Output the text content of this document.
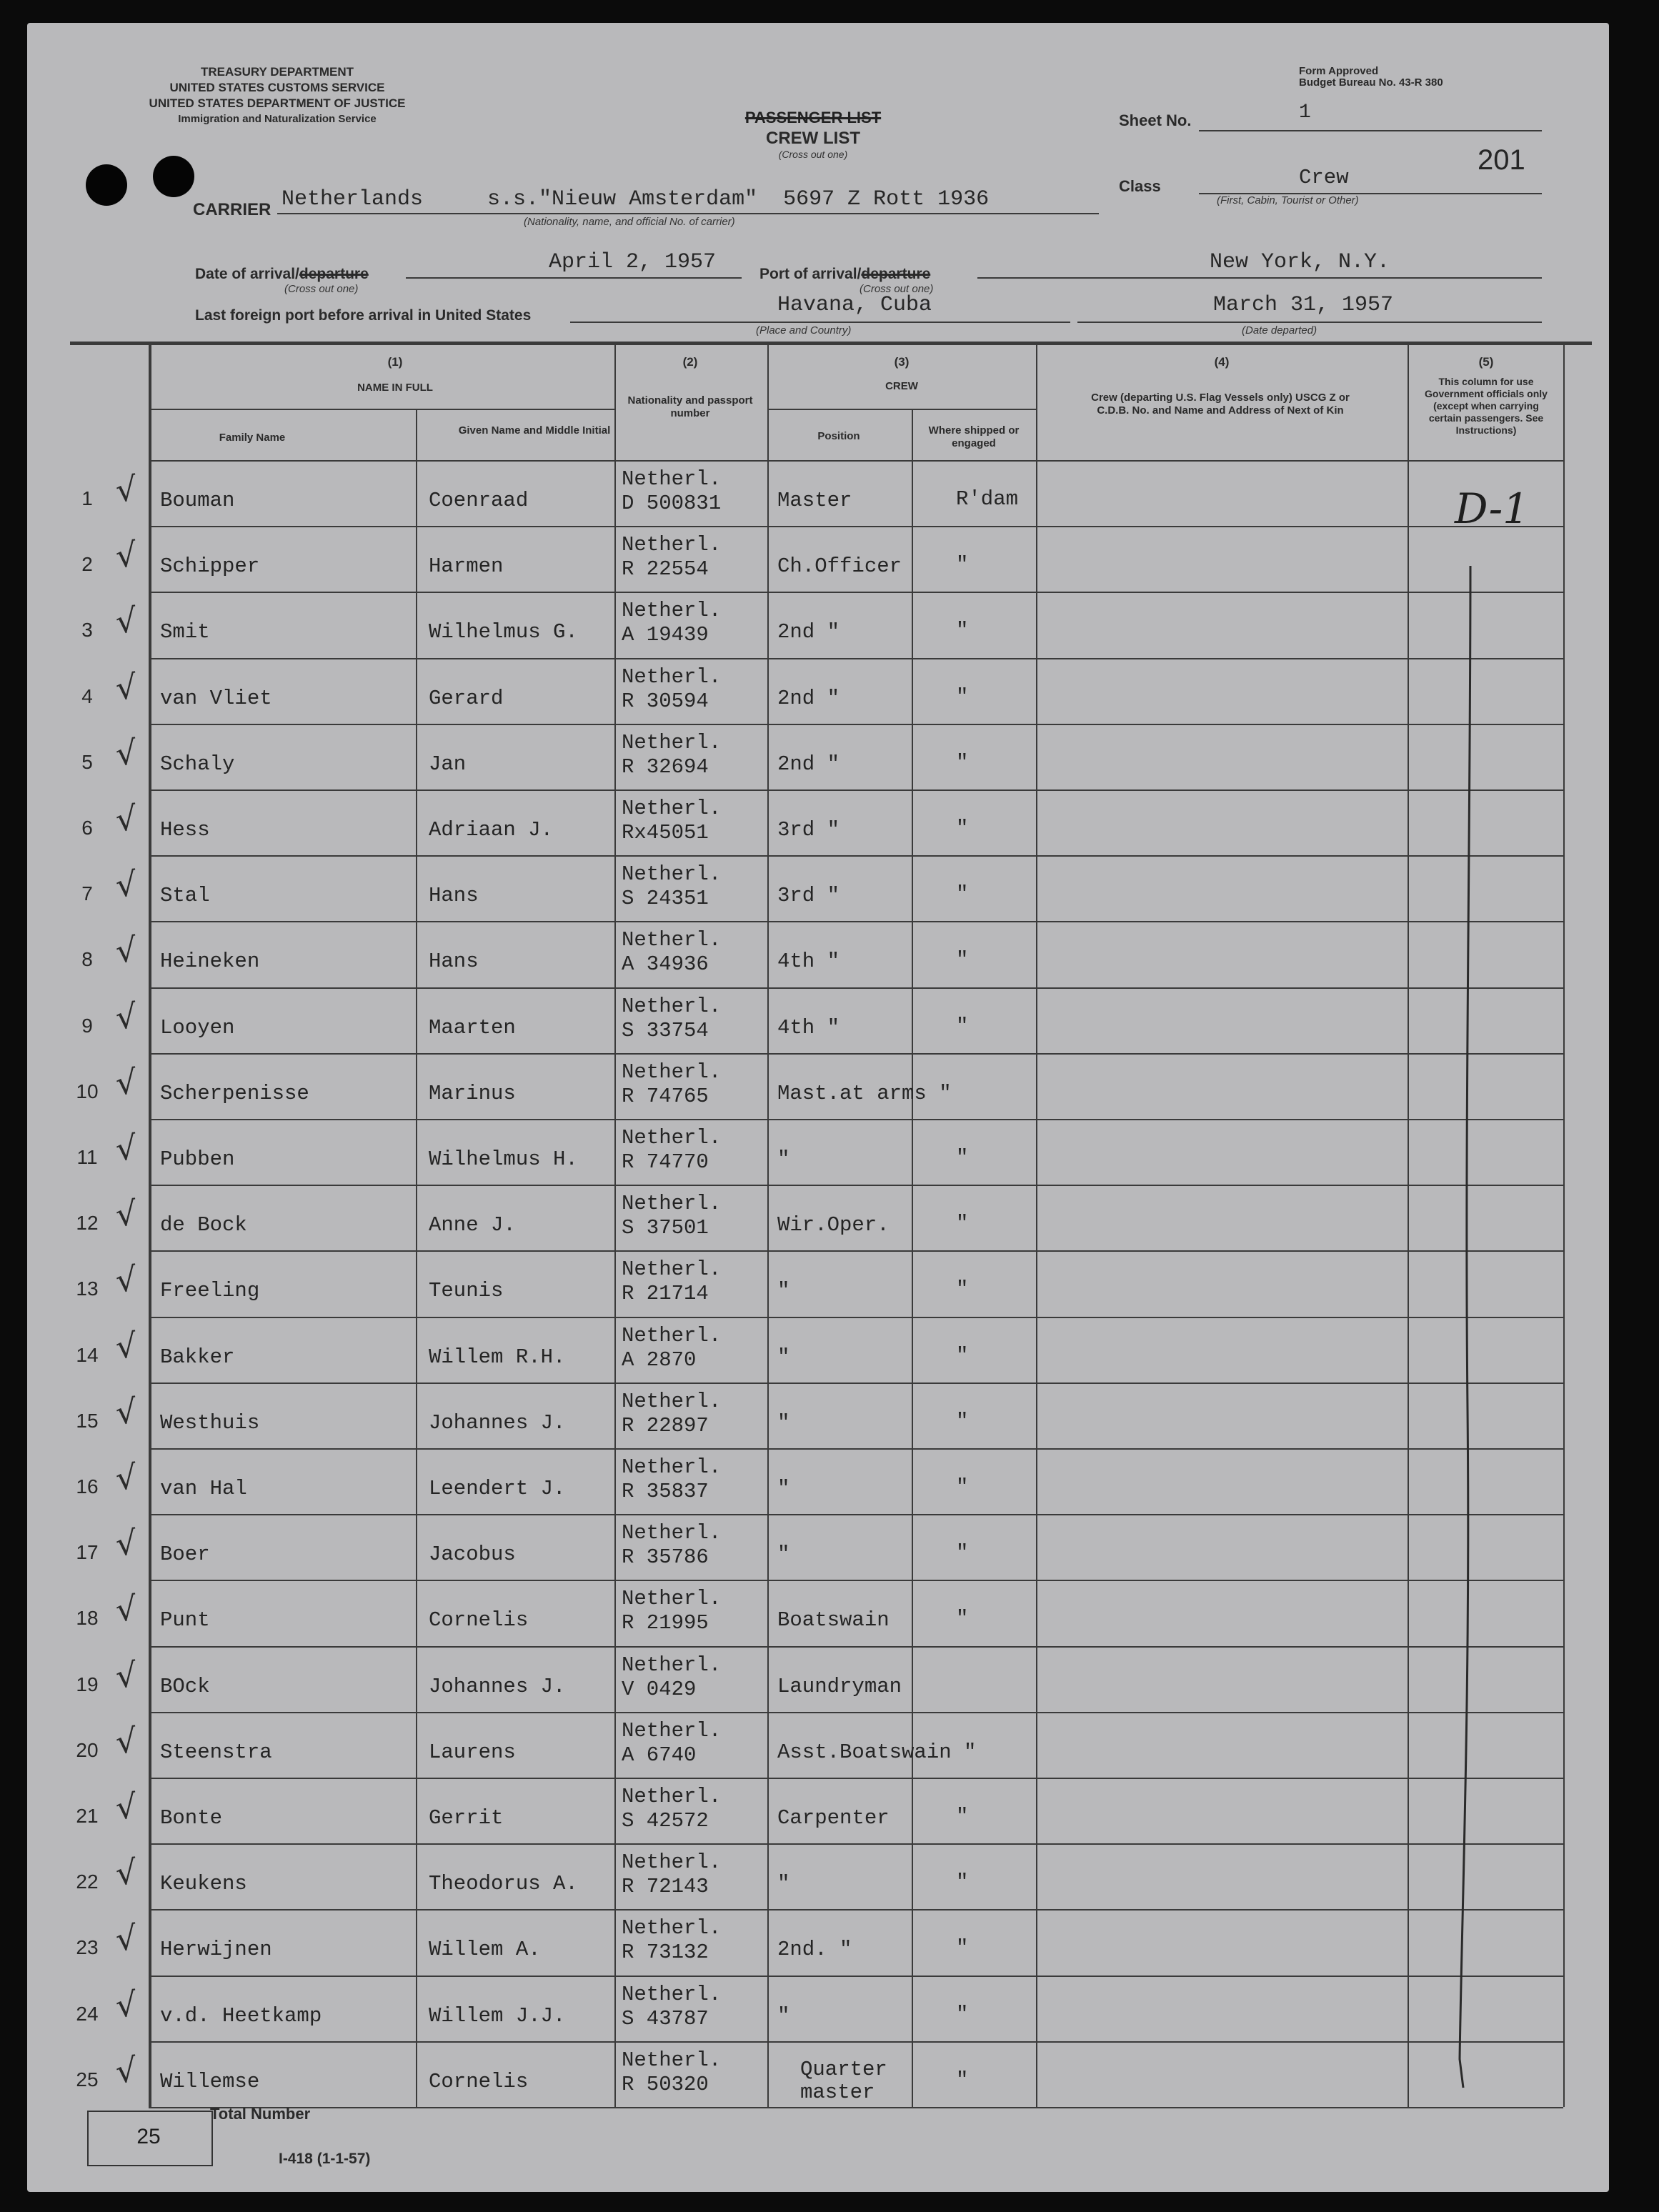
TREASURY DEPARTMENT
UNITED STATES CUSTOMS SERVICE
UNITED STATES DEPARTMENT OF JUSTICE
Immigration and Naturalization Service	PASSENGER LIST
CREW LIST
(Cross out one)
Form Approved
Budget Bureau No. 43-R 380
Sheet No.	1
Class	Crew
201
(First, Cabin, Tourist or Other)
CARRIER Netherlands     s.s."Nieuw Amsterdam"  5697 Z Rott 1936
(Nationality, name, and official No. of carrier)
Date of arrival/departure
(Cross out one)
April 2, 1957	Port of arrival/departure
(Cross out one)
New York, N.Y.
Last foreign port before arrival in United States	Havana, Cuba
(Place and Country)
March 31, 1957
(Date departed)
(1)
NAME IN FULL
Family Name
Given Name and Middle Initial
(2)
Nationality and passport number
(3)
CREW
Position	Where shipped or engaged
(4)
Crew (departing U.S. Flag Vessels only) USCG Z or C.D.B. No. and Name and Address of Next of Kin
(5)
This column for use Government officials only (except when carrying certain passengers. See Instructions)
1 √ Bouman	Coenraad
Netherl.
D 500831	Master	R'dam
2 √ Schipper	Harmen
Netherl.
R 22554	Ch.Officer	"
3 √ Smit	Wilhelmus G.
Netherl.
A 19439	2nd "	"
4 √ van Vliet	Gerard
Netherl.
R 30594	2nd "	"
5 √ Schaly	Jan
Netherl.
R 32694	2nd "	"
6 √ Hess	Adriaan J.
Netherl.
Rx45051	3rd "	"
7 √ Stal	Hans
Netherl.
S 24351	3rd "	"
8 √ Heineken	Hans
Netherl.
A 34936	4th "	"
9 √ Looyen	Maarten
Netherl.
S 33754	4th "	"
10 √ Scherpenisse	Marinus
Netherl.
R 74765	Mast.at arms "
11 √ Pubben	Wilhelmus H.
Netherl.
R 74770	"	"
12 √ de Bock	Anne J.
Netherl.
S 37501	Wir.Oper.	"
13 √ Freeling	Teunis
Netherl.
R 21714	"	"
14 √ Bakker	Willem R.H.
Netherl.
A 2870	"	"
15 √ Westhuis	Johannes J.
Netherl.
R 22897	"	"
16 √ van Hal	Leendert J.
Netherl.
R 35837	"	"
17 √ Boer	Jacobus
Netherl.
R 35786	"	"
18 √ Punt	Cornelis
Netherl.
R 21995	Boatswain	"
19 √ BOck	Johannes J.
Netherl.
V 0429	Laundryman
20 √ Steenstra	Laurens
Netherl.
A 6740	Asst.Boatswain "
21 √ Bonte	Gerrit
Netherl.
S 42572	Carpenter	"
22 √ Keukens	Theodorus A.
Netherl.
R 72143	"	"
23 √ Herwijnen	Willem A.
Netherl.
R 73132	2nd. "	"
24 √ v.d. Heetkamp	Willem J.J.
Netherl.
S 43787	"	"
25 √ Willemse	Cornelis
Netherl.
R 50320
Quarter master
"
D-1
25
Total Number
I-418 (1-1-57)
